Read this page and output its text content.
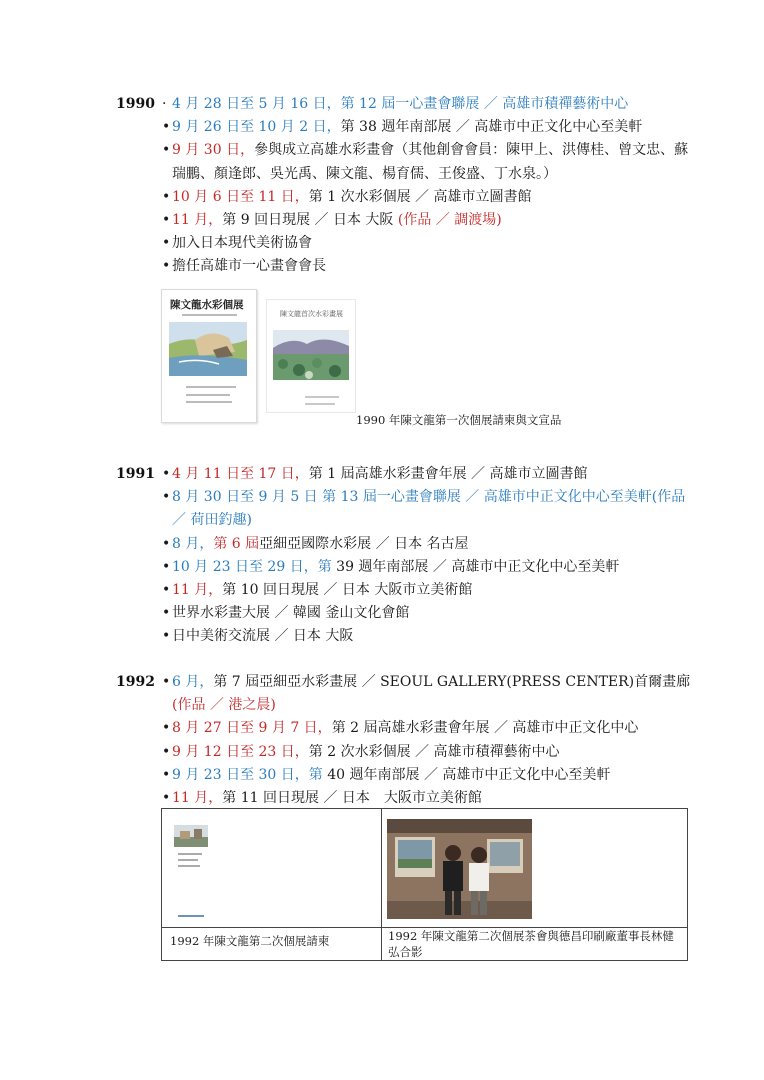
1990 · 4 月 28 日至 5 月 16 日，第 12 屆一心畫會聯展 ／ 高雄市積禪藝術中心
• 9 月 26 日至 10 月 2 日，第 38 週年南部展 ／ 高雄市中正文化中心至美軒
• 9 月 30 日，參與成立高雄水彩畫會（其他創會會員：陳甲上、洪傳桂、曾文忠、蘇瑞鵬、顏逢郎、吳光禹、陳文龍、楊育儒、王俊盛、丁水泉。）
• 10 月 6 日至 11 日，第 1 次水彩個展 ／ 高雄市立圖書館
• 11 月，第 9 回日現展 ／ 日本 大阪 (作品 ／ 調渡場)
• 加入日本現代美術協會
• 擔任高雄市一心畫會會長
陳文龍水彩個展
陳文龍首次水彩畫展
1990 年陳文龍第一次個展請柬與文宣品
1991 • 4 月 11 日至 17 日，第 1 屆高雄水彩畫會年展 ／ 高雄市立圖書館
• 8 月 30 日至 9 月 5 日 第 13 屆一心畫會聯展 ／ 高雄市中正文化中心至美軒(作品 ／ 荷田釣趣)
• 8 月，第 6 屆亞細亞國際水彩展 ／ 日本 名古屋
• 10 月 23 日至 29 日，第 39 週年南部展 ／ 高雄市中正文化中心至美軒
• 11 月，第 10 回日現展 ／ 日本 大阪市立美術館
• 世界水彩畫大展 ／ 韓國 釜山文化會館
• 日中美術交流展 ／ 日本 大阪
1992 • 6 月，第 7 屆亞細亞水彩畫展 ／ SEOUL GALLERY(PRESS CENTER)首爾畫廊
(作品 ／ 港之晨)
• 8 月 27 日至 9 月 7 日，第 2 屆高雄水彩畫會年展 ／ 高雄市中正文化中心
• 9 月 12 日至 23 日，第 2 次水彩個展 ／ 高雄市積禪藝術中心
• 9 月 23 日至 30 日，第 40 週年南部展 ／ 高雄市中正文化中心至美軒
• 11 月，第 11 回日現展 ／ 日本　大阪市立美術館
1992 年陳文龍第二次個展請柬	1992 年陳文龍第二次個展茶會與德昌印刷廠董事長林健弘合影
